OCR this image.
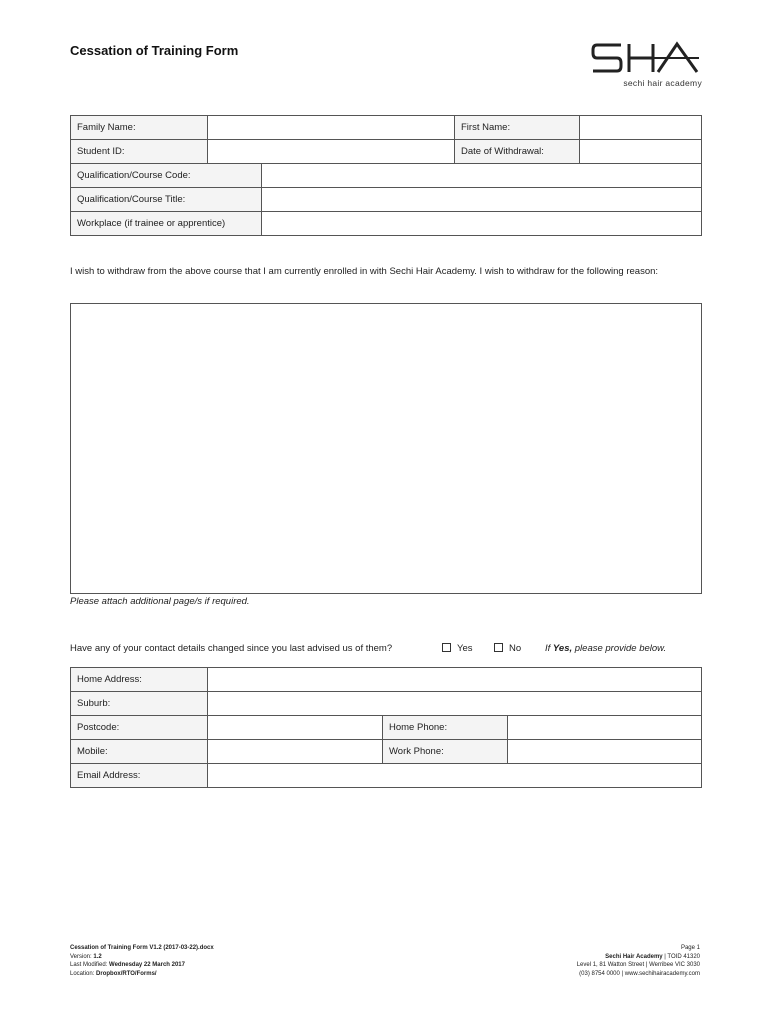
Cessation of Training Form
sechi hair academy
Family Name:			First Name:	
Student ID:			Date of Withdrawal:	
Qualification/Course Code:				
Qualification/Course Title:				
Workplace (if trainee or apprentice)				
I wish to withdraw from the above course that I am currently enrolled in with Sechi Hair Academy. I wish to withdraw for the following reason:
Please attach additional page/s if required.
Have any of your contact details changed since you last advised us of them?	Yes	No	If Yes, please provide below.
Home Address:			
Suburb:			
Postcode:		Home Phone:	
Mobile:		Work Phone:	
Email Address:			
Cessation of Training Form V1.2 (2017-03-22).docx
Version: 1.2
Last Modified: Wednesday 22 March 2017
Location: Dropbox/RTO/Forms/
Page 1
Sechi Hair Academy | TOID 41320
Level 1, 81 Watton Street | Werribee VIC 3030
(03) 8754 0000 | www.sechihairacademy.com
